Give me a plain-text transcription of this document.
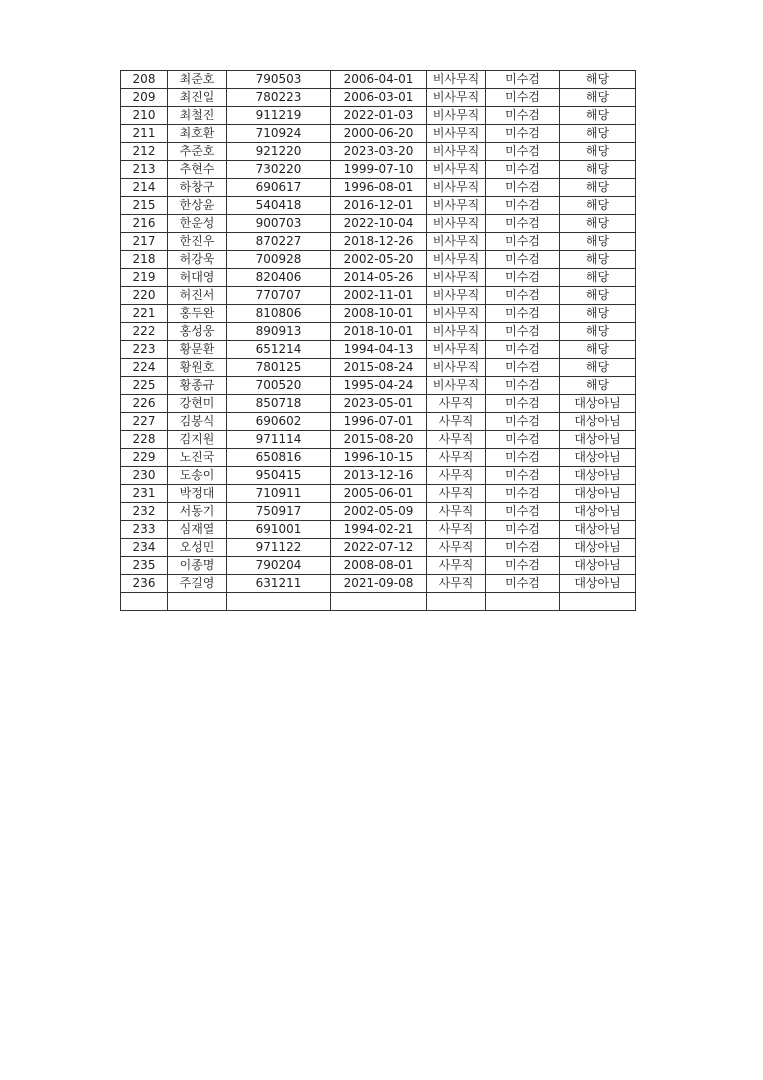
208	최준호	790503	2006-04-01	비사무직	미수검	해당
209	최진일	780223	2006-03-01	비사무직	미수검	해당
210	최철진	911219	2022-01-03	비사무직	미수검	해당
211	최호환	710924	2000-06-20	비사무직	미수검	해당
212	추준호	921220	2023-03-20	비사무직	미수검	해당
213	추현수	730220	1999-07-10	비사무직	미수검	해당
214	하창구	690617	1996-08-01	비사무직	미수검	해당
215	한상윤	540418	2016-12-01	비사무직	미수검	해당
216	한운성	900703	2022-10-04	비사무직	미수검	해당
217	한진우	870227	2018-12-26	비사무직	미수검	해당
218	허강욱	700928	2002-05-20	비사무직	미수검	해당
219	허대영	820406	2014-05-26	비사무직	미수검	해당
220	허진서	770707	2002-11-01	비사무직	미수검	해당
221	홍두완	810806	2008-10-01	비사무직	미수검	해당
222	홍성웅	890913	2018-10-01	비사무직	미수검	해당
223	황문환	651214	1994-04-13	비사무직	미수검	해당
224	황원호	780125	2015-08-24	비사무직	미수검	해당
225	황종규	700520	1995-04-24	비사무직	미수검	해당
226	강현미	850718	2023-05-01	사무직	미수검	대상아님
227	김봉식	690602	1996-07-01	사무직	미수검	대상아님
228	김지원	971114	2015-08-20	사무직	미수검	대상아님
229	노진국	650816	1996-10-15	사무직	미수검	대상아님
230	도송이	950415	2013-12-16	사무직	미수검	대상아님
231	박정대	710911	2005-06-01	사무직	미수검	대상아님
232	서동기	750917	2002-05-09	사무직	미수검	대상아님
233	심재열	691001	1994-02-21	사무직	미수검	대상아님
234	오성민	971122	2022-07-12	사무직	미수검	대상아님
235	이종명	790204	2008-08-01	사무직	미수검	대상아님
236	주길영	631211	2021-09-08	사무직	미수검	대상아님
